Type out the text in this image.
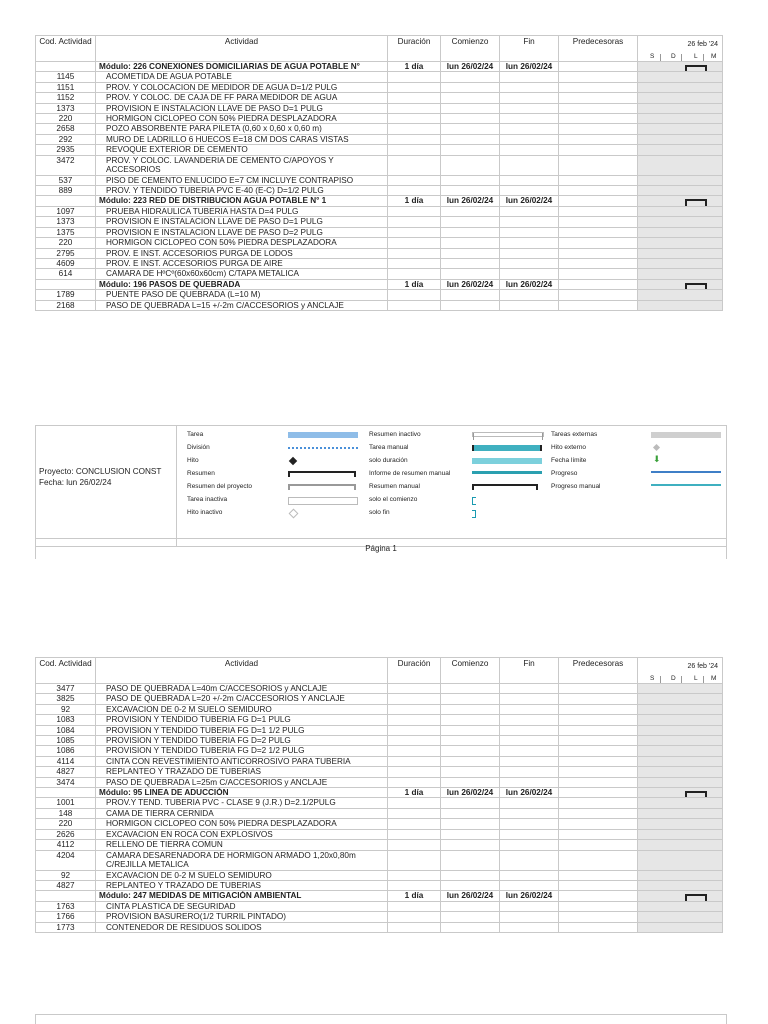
Cod. Actividad	Actividad	Duración	Comienzo	Fin	Predecesoras	26 feb '24
S D L M

	Módulo: 226 CONEXIONES DOMICILIARIAS DE AGUA POTABLE N°	1 día	lun 26/02/24	lun 26/02/24		

1145	ACOMETIDA DE AGUA POTABLE					
1151	PROV. Y COLOCACION DE MEDIDOR DE AGUA D=1/2 PULG					
1152	PROV. Y COLOC. DE CAJA DE FF PARA MEDIDOR DE AGUA					
1373	PROVISION E INSTALACION LLAVE DE PASO D=1 PULG					
220	HORMIGON CICLOPEO CON 50% PIEDRA DESPLAZADORA					
2658	POZO ABSORBENTE PARA PILETA (0,60 x 0,60 x 0,60 m)					
292	MURO DE LADRILLO 6 HUECOS E=18 CM DOS CARAS VISTAS					
2935	REVOQUE EXTERIOR DE CEMENTO					
3472	PROV. Y COLOC. LAVANDERIA DE CEMENTO C/APOYOS Y ACCESORIOS					
537	PISO DE CEMENTO ENLUCIDO E=7 CM INCLUYE CONTRAPISO					
889	PROV. Y TENDIDO TUBERIA PVC E-40 (E-C) D=1/2 PULG					
	Módulo: 223 RED DE DISTRIBUCION AGUA POTABLE N° 1	1 día	lun 26/02/24	lun 26/02/24		

1097	PRUEBA HIDRAULICA TUBERIA HASTA D=4 PULG					
1373	PROVISION E INSTALACION LLAVE DE PASO D=1 PULG					
1375	PROVISION E INSTALACION LLAVE DE PASO D=2 PULG					
220	HORMIGON CICLOPEO CON 50% PIEDRA DESPLAZADORA					
2795	PROV. E INST. ACCESORIOS PURGA DE LODOS					
4609	PROV. E INST. ACCESORIOS PURGA DE AIRE					
614	CAMARA DE HºCº(60x60x60cm) C/TAPA METALICA					
	Módulo: 196 PASOS DE QUEBRADA	1 día	lun 26/02/24	lun 26/02/24		

1789	PUENTE PASO DE QUEBRADA (L=10 M)					
2168	PASO DE QUEBRADA L=15 +/-2m C/ACCESORIOS y ANCLAJE					
Proyecto: CONCLUSION CONST
Fecha: lun 26/02/24
Tarea
División
Hito
Resumen
Resumen del proyecto
Tarea inactiva
Hito inactivo
Resumen inactivo
Tarea manual
solo duración
Informe de resumen manual
Resumen manual
solo el comienzo
solo fin
Tareas externas
Hito externo
Fecha límite	⬇
Progreso
Progreso manual
Página 1
Cod. Actividad	Actividad	Duración	Comienzo	Fin	Predecesoras	26 feb '24
S D L M

3477	PASO DE QUEBRADA L=40m C/ACCESORIOS y ANCLAJE					
3825	PASO DE QUEBRADA L=20 +/-2m C/ACCESORIOS Y ANCLAJE					
92	EXCAVACION DE 0-2 M SUELO SEMIDURO					
1083	PROVISION Y TENDIDO TUBERIA FG D=1 PULG					
1084	PROVISION Y TENDIDO TUBERIA FG D=1 1/2 PULG					
1085	PROVISION Y TENDIDO TUBERIA FG D=2 PULG					
1086	PROVISION Y TENDIDO TUBERIA FG D=2 1/2 PULG					
4114	CINTA CON REVESTIMIENTO ANTICORROSIVO PARA TUBERIA					
4827	REPLANTEO Y TRAZADO DE TUBERIAS					
3474	PASO DE QUEBRADA L=25m C/ACCESORIOS y ANCLAJE					
	Módulo: 95 LINEA DE ADUCCIÓN	1 día	lun 26/02/24	lun 26/02/24		

1001	PROV.Y TEND. TUBERIA PVC - CLASE 9 (J.R.) D=2.1/2PULG					
148	CAMA DE TIERRA CERNIDA					
220	HORMIGON CICLOPEO CON 50% PIEDRA DESPLAZADORA					
2626	EXCAVACION EN ROCA CON EXPLOSIVOS					
4112	RELLENO DE TIERRA COMUN					
4204	CAMARA DESARENADORA DE HORMIGON ARMADO 1,20x0,80m C/REJILLA METALICA					
92	EXCAVACION DE 0-2 M SUELO SEMIDURO					
4827	REPLANTEO Y TRAZADO DE TUBERIAS					
	Módulo: 247 MEDIDAS DE MITIGACIÓN AMBIENTAL	1 día	lun 26/02/24	lun 26/02/24		

1763	CINTA PLASTICA DE SEGURIDAD					
1766	PROVISION BASURERO(1/2 TURRIL PINTADO)					
1773	CONTENEDOR DE RESIDUOS SOLIDOS					
